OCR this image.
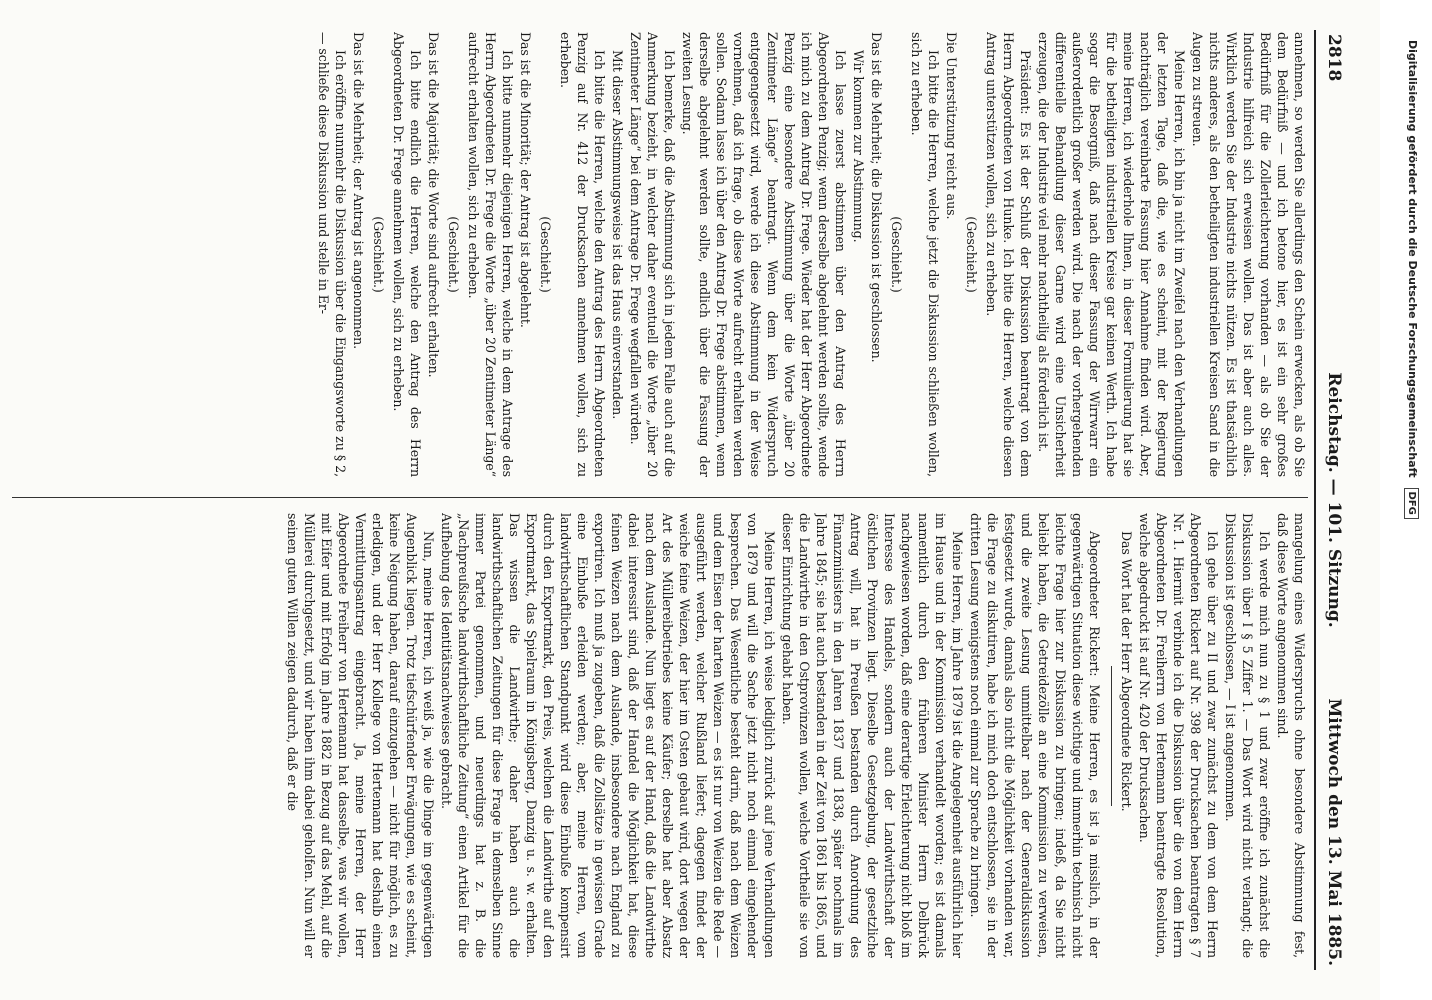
2818
Reichstag. — 101. Sitzung.
Mittwoch den 13. Mai 1885.

annehmen, so werden Sie allerdings den Schein erwecken, als ob Sie dem Bedürfniß — und ich betone hier, es ist ein sehr großes Bedürfniß für die Zollerleichterung vorhanden — als ob Sie der Industrie hilfreich sich erweisen wollen. Das ist aber auch alles. Wirklich werden Sie der Industrie nichts nützen. Es ist thatsächlich nichts anderes, als den betheiligten industriellen Kreisen Sand in die Augen zu streuen.

Meine Herren, ich bin ja nicht im Zweifel nach den Verhandlungen der letzten Tage, daß die, wie es scheint, mit der Regierung nachträglich vereinbarte Fassung hier Annahme finden wird. Aber, meine Herren, ich wiederhole Ihnen, in dieser Formulierung hat sie für die betheiligten industriellen Kreise gar keinen Werth. Ich habe sogar die Besorgniß, daß nach dieser Fassung der Wirrwarr ein außerordentlich großer werden wird. Die nach der vorhergehenden differentielle Behandlung dieser Garne wird eine Unsicherheit erzeugen, die der Industrie viel mehr nachtheilig als förderlich ist.

Präsident: Es ist der Schluß der Diskussion beantragt von dem Herrn Abgeordneten von Hunke. Ich bitte die Herren, welche diesen Antrag unterstützen wollen, sich zu erheben.

(Geschieht.)

Die Unterstützung reicht aus.

Ich bitte die Herren, welche jetzt die Diskussion schließen wollen, sich zu erheben.

(Geschieht.)

Das ist die Mehrheit; die Diskussion ist geschlossen.

Wir kommen zur Abstimmung.

Ich lasse zuerst abstimmen über den Antrag des Herrn Abgeordneten Penzig; wenn derselbe abgelehnt werden sollte, wende ich mich zu dem Antrag Dr. Frege. Wieder hat der Herr Abgeordnete Penzig eine besondere Abstimmung über die Worte „über 20 Zentimeter Länge“ beantragt. Wenn dem kein Widerspruch entgegengesetzt wird, werde ich diese Abstimmung in der Weise vornehmen, daß ich frage, ob diese Worte aufrecht erhalten werden sollen. Sodann lasse ich über den Antrag Dr. Frege abstimmen, wenn derselbe abgelehnt werden sollte, endlich über die Fassung der zweiten Lesung.

Ich bemerke, daß die Abstimmung sich in jedem Falle auch auf die Anmerkung bezieht, in welcher daher eventuell die Worte „über 20 Zentimeter Länge“ bei dem Antrage Dr. Frege wegfallen würden.

Mit dieser Abstimmungsweise ist das Haus einverstanden.

Ich bitte die Herren, welche den Antrag des Herrn Abgeordneten Penzig auf Nr. 412 der Drucksachen annehmen wollen, sich zu erheben.

(Geschieht.)

Das ist die Minorität; der Antrag ist abgelehnt.

Ich bitte nunmehr diejenigen Herren, welche in dem Antrage des Herrn Abgeordneten Dr. Frege die Worte „über 20 Zentimeter Länge“ aufrecht erhalten wollen, sich zu erheben.

(Geschieht.)

Das ist die Majorität; die Worte sind aufrecht erhalten.

Ich bitte endlich die Herren, welche den Antrag des Herrn Abgeordneten Dr. Frege annehmen wollen, sich zu erheben.

(Geschieht.)

Das ist die Mehrheit; der Antrag ist angenommen.

Ich eröffne nunmehr die Diskussion über die Eingangsworte zu § 2, — schließe diese Diskussion und stelle in Er-

mangelung eines Widerspruchs ohne besondere Abstimmung fest, daß diese Worte angenommen sind.

Ich werde mich nun zu § 1 und zwar eröffne ich zunächst die Diskussion über I § 5 Ziffer 1. — Das Wort wird nicht verlangt; die Diskussion ist geschlossen, — I ist angenommen.

Ich gehe über zu II und zwar zunächst zu dem von dem Herrn Abgeordneten Rickert auf Nr. 398 der Drucksachen beantragten § 7 Nr. 1. Hiermit verbinde ich die Diskussion über die von dem Herrn Abgeordneten Dr. Freiherrn von Hertemann beantragte Resolution, welche abgedruckt ist auf Nr. 420 der Drucksachen.

Das Wort hat der Herr Abgeordnete Rickert.

Abgeordneter Rickert: Meine Herren, es ist ja misslich, in der gegenwärtigen Situation diese wichtige und immerhin technisch nicht leichte Frage hier zur Diskussion zu bringen; indeß, da Sie nicht beliebt haben, die Getreidezölle an eine Kommission zu verweisen, und die zweite Lesung unmittelbar nach der Generaldiskussion festgesetzt wurde, damals also nicht die Möglichkeit vorhanden war, die Frage zu diskutiren, habe ich mich doch entschlossen, sie in der dritten Lesung wenigstens noch einmal zur Sprache zu bringen.

Meine Herren, im Jahre 1879 ist die Angelegenheit ausführlich hier im Hause und in der Kommission verhandelt worden; es ist damals namentlich durch den früheren Minister Herrn Delbrück nachgewiesen worden, daß eine derartige Erleichterung nicht bloß im Interesse des Handels, sondern auch der Landwirthschaft der östlichen Provinzen liegt. Dieselbe Gesetzgebung, der gesetzliche Antrag will, hat in Preußen bestanden durch Anordnung des Finanzministers in den Jahren 1837 und 1838, später nochmals im Jahre 1845; sie hat auch bestanden in der Zeit von 1861 bis 1865, und die Landwirthe in den Ostprovinzen wollen, welche Vortheile sie von dieser Einrichtung gehabt haben.

Meine Herren, ich weise lediglich zurück auf jene Verhandlungen von 1879 und will die Sache jetzt nicht noch einmal eingehender besprechen. Das Wesentliche besteht darin, daß nach dem Weizen und dem Eisen der harten Weizen — es ist nur von Weizen die Rede — ausgeführt werden, welcher Rußland liefert; dagegen findet der weiche feine Weizen, der hier im Osten gebaut wird, dort wegen der Art des Müllereibetriebes keine Käufer; derselbe hat aber Absatz nach dem Auslande. Nun liegt es auf der Hand, daß die Landwirthe dabei interessirt sind, daß der Handel die Möglichkeit hat, diese feinen Weizen nach dem Auslande, insbesondere nach England zu exportiren. Ich muß ja zugeben, daß die Zollsätze in gewissen Grade eine Einbuße erleiden werden; aber, meine Herren, vom landwirthschaftlichen Standpunkt wird diese Einbuße kompensirt durch den Exportmarkt, den Preis, welchen die Landwirthe auf den Exportmarkt, das Spielraum in Königsberg, Danzig u. s. w. erhalten. Das wissen die Landwirthe; daher haben auch die landwirthschaftlichen Zeitungen für diese Frage in demselben Sinne immer Partei genommen, und neuerdings hat z. B. die „Nachpreußische landwirthschaftliche Zeitung“ einen Artikel für die Aufhebung des Identitätsnachweises gebracht.

Nun, meine Herren, ich weiß ja, wie die Dinge im gegenwärtigen Augenblick liegen. Trotz tiefschürfender Erwägungen, wie es scheint, keine Neigung haben, darauf einzugehen — nicht für möglich, es zu erledigen, und der Herr Kollege von Hertemann hat deshalb einen Vermittlungsantrag eingebracht. Ja, meine Herren, der Herr Abgeordnete Freiherr von Hertemann hat dasselbe, was wir wollen, mit Eifer und mit Erfolg im Jahre 1882 in Bezug auf das Mehl, auf die Müllerei durchgesetzt, und wir haben ihm dabei geholfen. Nun will er seinen guten Willen zeigen dadurch, daß er die

Digitalisierung gefördert durch die Deutsche Forschungsgemeinschaft DFG
